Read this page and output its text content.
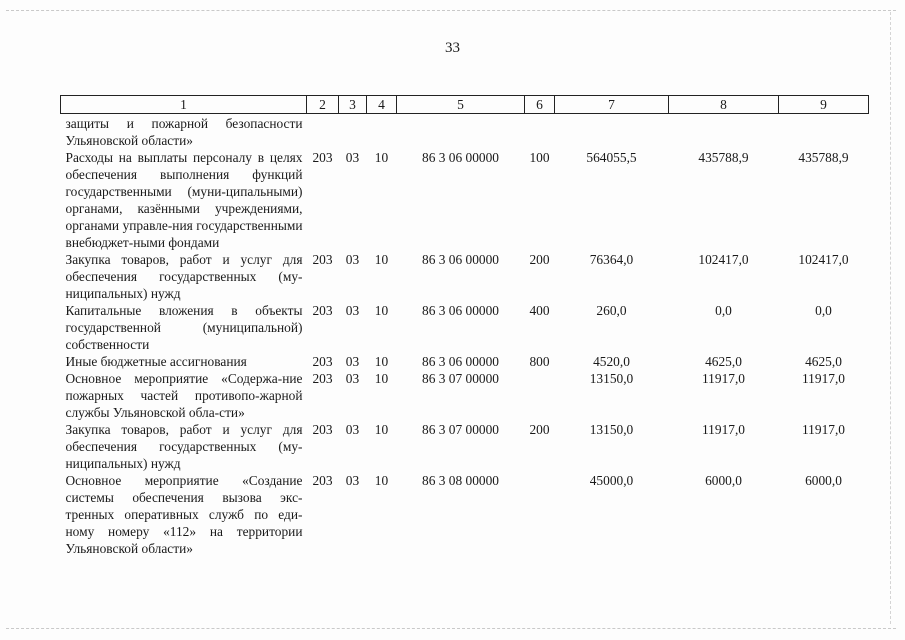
33
1	2	3	4	5	6	7	8	9
защиты и пожарной безопасности Ульяновской области»								
Расходы на выплаты персоналу в целях обеспечения выполнения функций государственными (муни-ципальными) органами, казёнными учреждениями, органами управле-ния государственными внебюджет-ными фондами	203	03	10	86 3 06 00000	100	564055,5	435788,9	435788,9
Закупка товаров, работ и услуг для обеспечения государственных (му-ниципальных) нужд	203	03	10	86 3 06 00000	200	76364,0	102417,0	102417,0
Капитальные вложения в объекты государственной (муниципальной) собственности	203	03	10	86 3 06 00000	400	260,0	0,0	0,0
Иные бюджетные ассигнования	203	03	10	86 3 06 00000	800	4520,0	4625,0	4625,0
Основное мероприятие «Содержа-ние пожарных частей противопо-жарной службы Ульяновской обла-сти»	203	03	10	86 3 07 00000		13150,0	11917,0	11917,0
Закупка товаров, работ и услуг для обеспечения государственных (му-ниципальных) нужд	203	03	10	86 3 07 00000	200	13150,0	11917,0	11917,0
Основное мероприятие «Создание системы обеспечения вызова экс-тренных оперативных служб по еди-ному номеру «112» на территории Ульяновской области»	203	03	10	86 3 08 00000		45000,0	6000,0	6000,0
